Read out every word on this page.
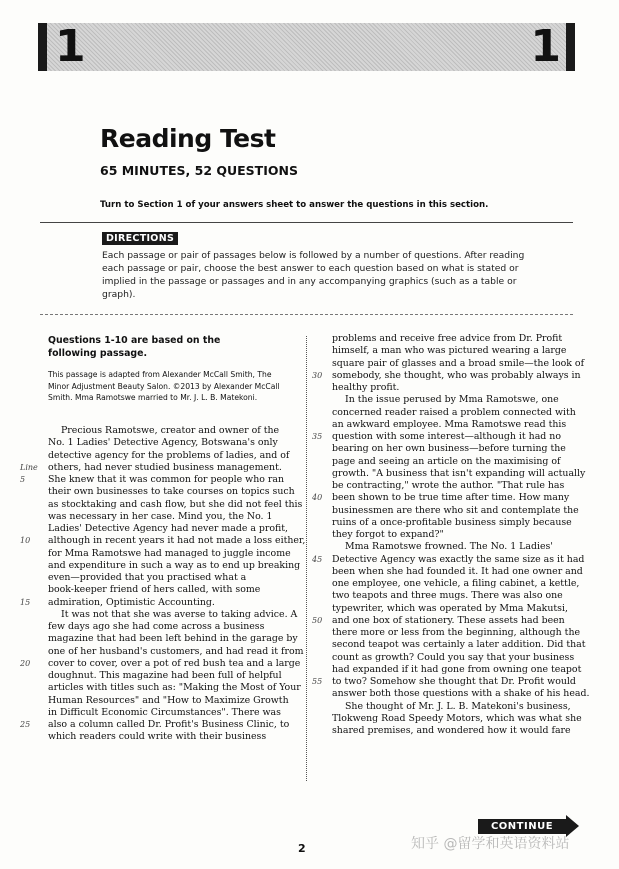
1	1
Reading Test
65 MINUTES, 52 QUESTIONS

Turn to Section 1 of your answers sheet to answer the questions in this section.

DIRECTIONS

Each passage or pair of passages below is followed by a number of questions. After reading each passage or pair, choose the best answer to each question based on what is stated or implied in the passage or passages and in any accompanying graphics (such as a table or graph).

Questions 1-10 are based on the following passage.

This passage is adapted from Alexander McCall Smith, The Minor Adjustment Beauty Salon. ©2013 by Alexander McCall Smith. Mma Ramotswe married to Mr. J. L. B. Matekoni.

Precious Ramotswe, creator and owner of the
No. 1 Ladies' Detective Agency, Botswana's only
detective agency for the problems of ladies, and of
Line others, had never studied business management.
5 She knew that it was common for people who ran
their own businesses to take courses on topics such
as stocktaking and cash flow, but she did not feel this
was necessary in her case. Mind you, the No. 1
Ladies' Detective Agency had never made a profit,
10 although in recent years it had not made a loss either,
for Mma Ramotswe had managed to juggle income
and expenditure in such a way as to end up breaking
even—provided that you practised what a
book-keeper friend of hers called, with some
15 admiration, Optimistic Accounting.
It was not that she was averse to taking advice. A
few days ago she had come across a business
magazine that had been left behind in the garage by
one of her husband's customers, and had read it from
20 cover to cover, over a pot of red bush tea and a large
doughnut. This magazine had been full of helpful
articles with titles such as: "Making the Most of Your
Human Resources" and "How to Maximize Growth
in Difficult Economic Circumstances". There was
25 also a column called Dr. Profit's Business Clinic, to
which readers could write with their business
problems and receive free advice from Dr. Profit
himself, a man who was pictured wearing a large
square pair of glasses and a broad smile—the look of
30 somebody, she thought, who was probably always in
healthy profit.
In the issue perused by Mma Ramotswe, one
concerned reader raised a problem connected with
an awkward employee. Mma Ramotswe read this
35 question with some interest—although it had no
bearing on her own business—before turning the
page and seeing an article on the maximising of
growth. "A business that isn't expanding will actually
be contracting," wrote the author. "That rule has
40 been shown to be true time after time. How many
businessmen are there who sit and contemplate the
ruins of a once-profitable business simply because
they forgot to expand?"
Mma Ramotswe frowned. The No. 1 Ladies'
45 Detective Agency was exactly the same size as it had
been when she had founded it. It had one owner and
one employee, one vehicle, a filing cabinet, a kettle,
two teapots and three mugs. There was also one
typewriter, which was operated by Mma Makutsi,
50 and one box of stationery. These assets had been
there more or less from the beginning, although the
second teapot was certainly a later addition. Did that
count as growth? Could you say that your business
had expanded if it had gone from owning one teapot
55 to two? Somehow she thought that Dr. Profit would
answer both those questions with a shake of his head.
She thought of Mr. J. L. B. Matekoni's business,
Tlokweng Road Speedy Motors, which was what she
shared premises, and wondered how it would fare

2

CONTINUE

知乎 @留学和英语资料站
